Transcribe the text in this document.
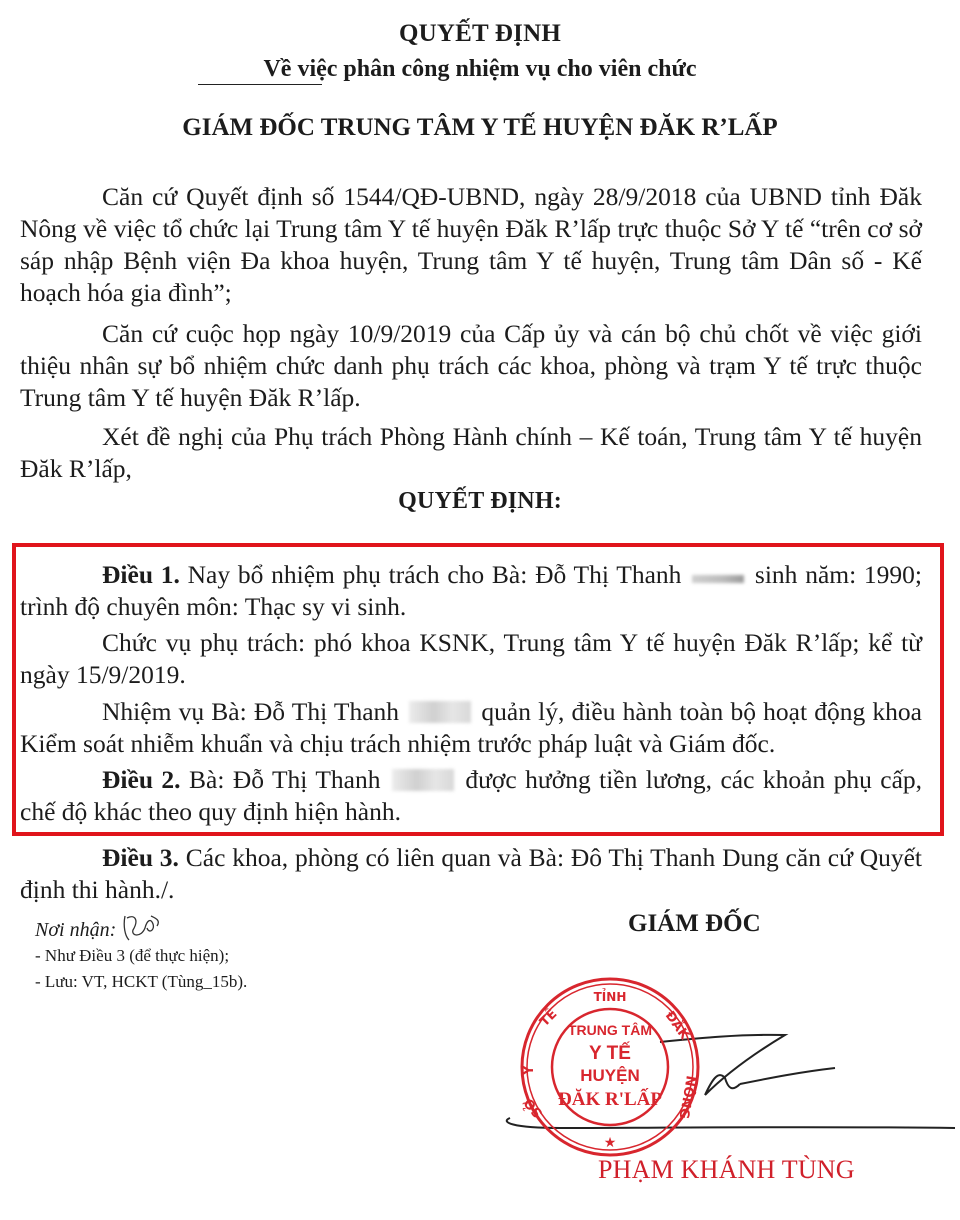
QUYẾT ĐỊNH
Về việc phân công nhiệm vụ cho viên chức
GIÁM ĐỐC TRUNG TÂM Y TẾ HUYỆN ĐĂK R’LẤP
Căn cứ Quyết định số 1544/QĐ-UBND, ngày 28/9/2018 của UBND tỉnh Đăk Nông về việc tổ chức lại Trung tâm Y tế huyện Đăk R’lấp trực thuộc Sở Y tế “trên cơ sở sáp nhập Bệnh viện Đa khoa huyện, Trung tâm Y tế huyện, Trung tâm Dân số - Kế hoạch hóa gia đình”;
Căn cứ cuộc họp ngày 10/9/2019 của Cấp ủy và cán bộ chủ chốt về việc giới thiệu nhân sự bổ nhiệm chức danh phụ trách các khoa, phòng và trạm Y tế trực thuộc Trung tâm Y tế huyện Đăk R’lấp.
Xét đề nghị của Phụ trách Phòng Hành chính – Kế toán, Trung tâm Y tế huyện Đăk R’lấp,
QUYẾT ĐỊNH:
Điều 1. Nay bổ nhiệm phụ trách cho Bà: Đỗ Thị Thanh	sinh năm: 1990; trình độ chuyên môn: Thạc sy vi sinh.
Chức vụ phụ trách: phó khoa KSNK, Trung tâm Y tế huyện Đăk R’lấp; kể từ ngày 15/9/2019.
Nhiệm vụ Bà: Đỗ Thị Thanh	quản lý, điều hành toàn bộ hoạt động khoa Kiểm soát nhiễm khuẩn và chịu trách nhiệm trước pháp luật và Giám đốc.
Điều 2. Bà: Đỗ Thị Thanh	được hưởng tiền lương, các khoản phụ cấp, chế độ khác theo quy định hiện hành.
Điều 3. Các khoa, phòng có liên quan và Bà: Đô Thị Thanh Dung căn cứ Quyết định thi hành./.
Nơi nhận:
- Như Điều 3 (để thực hiện);
- Lưu: VT, HCKT (Tùng_15b).
GIÁM ĐỐC
TỈNH
TẾ
Y
SỞ
ĐẮK
NÔNG
★
TRUNG TÂM
Y TẾ
HUYỆN
ĐĂK R'LẤP
PHẠM KHÁNH TÙNG
